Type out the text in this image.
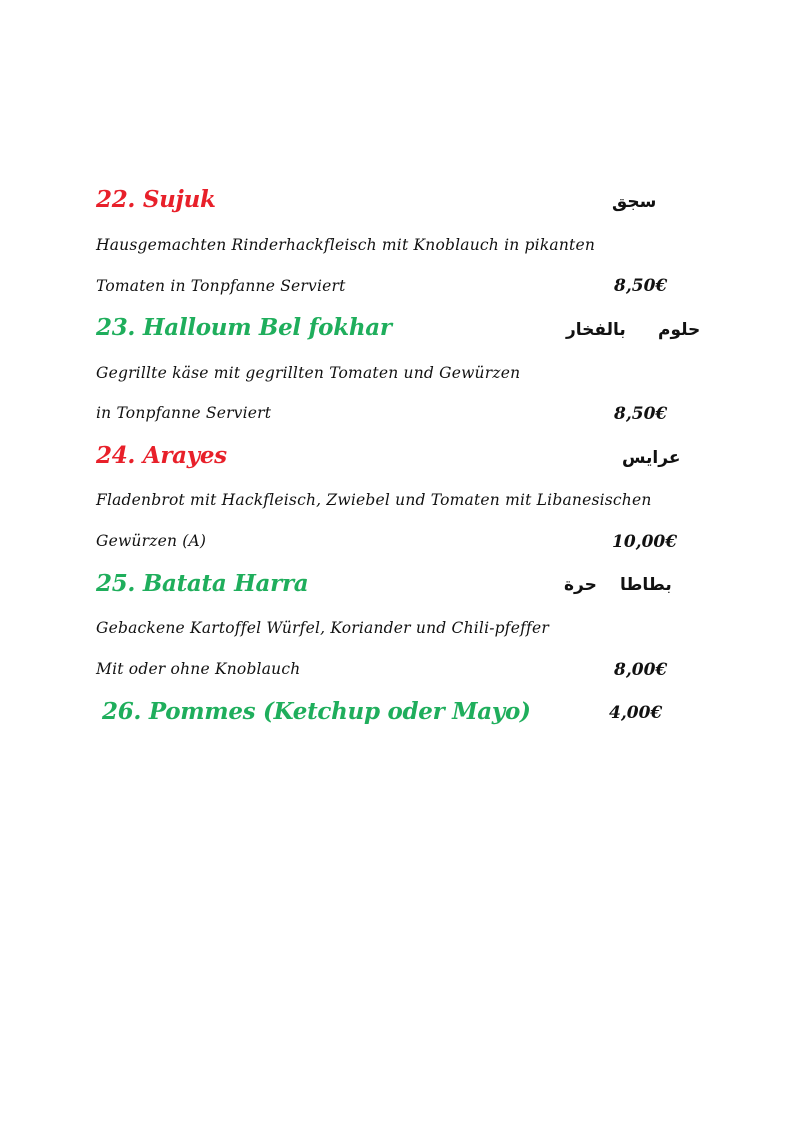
22. Sujuk	سجق
Hausgemachten Rinderhackfleisch mit Knoblauch in pikanten
Tomaten in Tonpfanne Serviert	8,50€
23. Halloum Bel fokhar	حلوم
بالفخار
Gegrillte käse mit gegrillten Tomaten und Gewürzen
in Tonpfanne Serviert	8,50€
24. Arayes	عرايس
Fladenbrot mit Hackfleisch, Zwiebel und Tomaten mit Libanesischen
Gewürzen (A)	10,00€
25. Batata Harra	بطاطا
حرة
Gebackene Kartoffel Würfel, Koriander und Chili-pfeffer
Mit oder ohne Knoblauch	8,00€
26. Pommes (Ketchup oder Mayo)	4,00€
